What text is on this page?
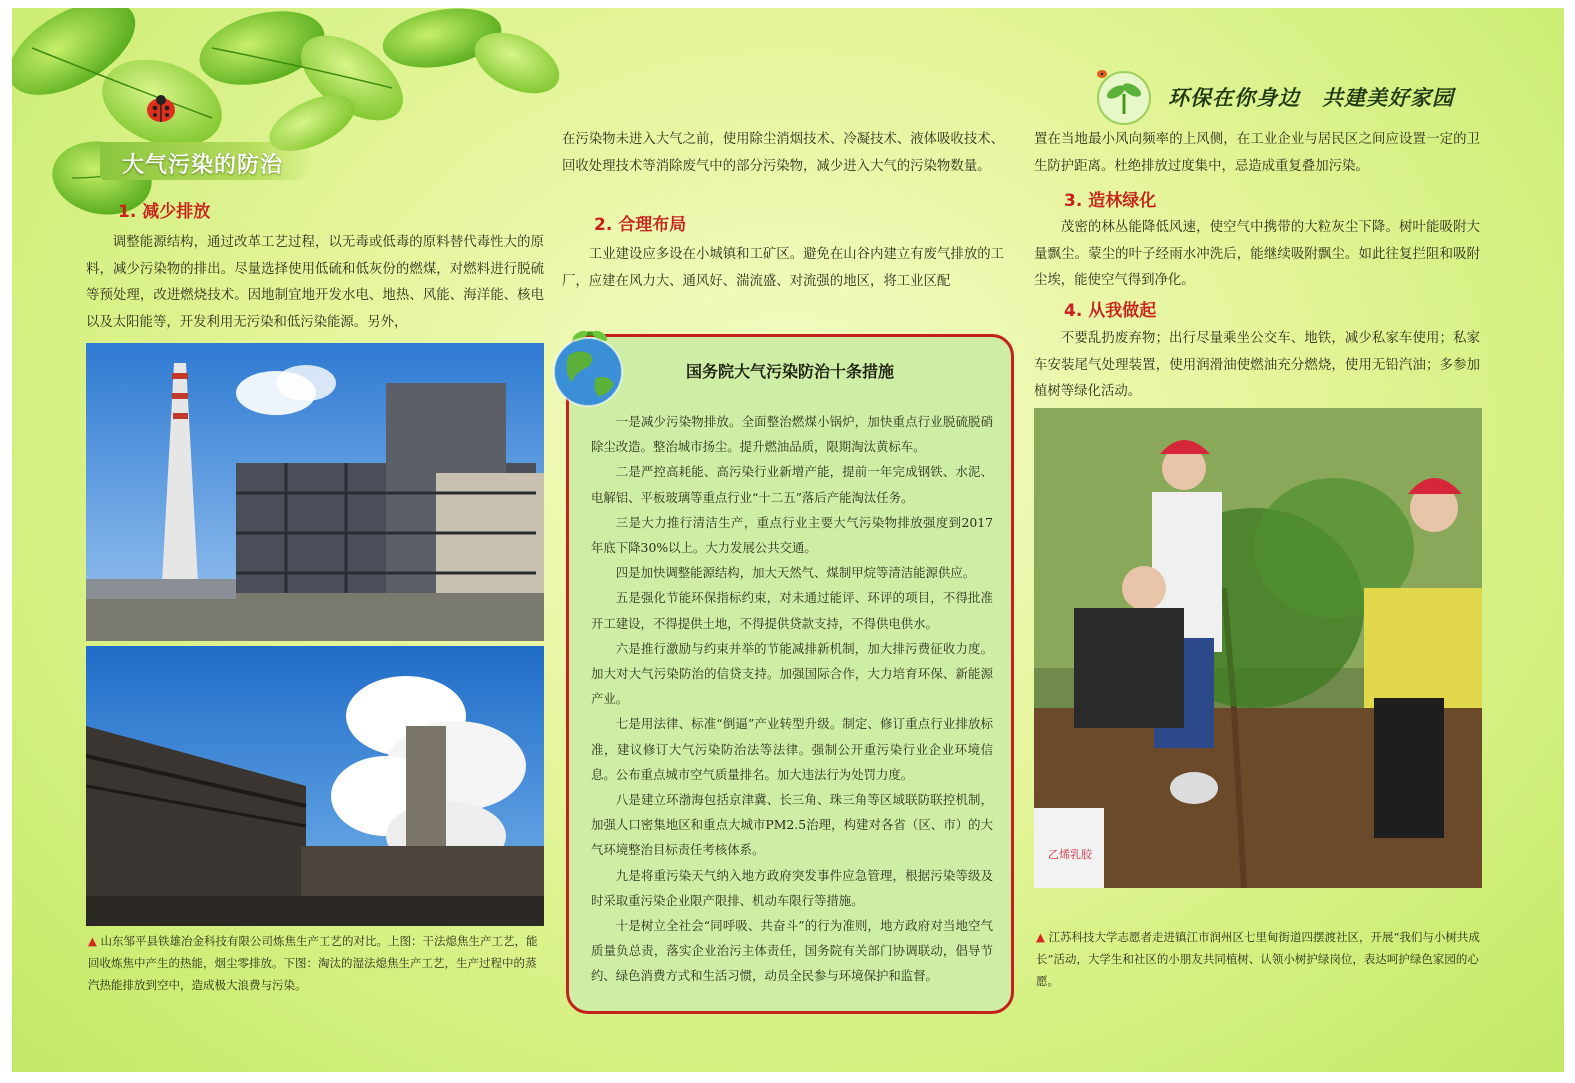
大气污染的防治
1. 减少排放

调整能源结构，通过改革工艺过程，以无毒或低毒的原料替代毒性大的原料，减少污染物的排出。尽量选择使用低硫和低灰份的燃煤，对燃料进行脱硫等预处理，改进燃烧技术。因地制宜地开发水电、地热、风能、海洋能、核电以及太阳能等，开发利用无污染和低污染能源。另外，

▲ 山东邹平县铁雄冶金科技有限公司炼焦生产工艺的对比。上图：干法熄焦生产工艺，能回收炼焦中产生的热能，烟尘零排放。下图：淘汰的湿法熄焦生产工艺，生产过程中的蒸汽热能排放到空中，造成极大浪费与污染。

在污染物未进入大气之前，使用除尘消烟技术、冷凝技术、液体吸收技术、回收处理技术等消除废气中的部分污染物，减少进入大气的污染物数量。

2. 合理布局

工业建设应多设在小城镇和工矿区。避免在山谷内建立有废气排放的工厂，应建在风力大、通风好、湍流盛、对流强的地区，将工业区配

国务院大气污染防治十条措施

一是减少污染物排放。全面整治燃煤小锅炉，加快重点行业脱硫脱硝除尘改造。整治城市扬尘。提升燃油品质，限期淘汰黄标车。

二是严控高耗能、高污染行业新增产能，提前一年完成钢铁、水泥、电解铝、平板玻璃等重点行业“十二五”落后产能淘汰任务。

三是大力推行清洁生产，重点行业主要大气污染物排放强度到2017年底下降30%以上。大力发展公共交通。

四是加快调整能源结构，加大天然气、煤制甲烷等清洁能源供应。

五是强化节能环保指标约束，对未通过能评、环评的项目，不得批准开工建设，不得提供土地，不得提供贷款支持，不得供电供水。

六是推行激励与约束并举的节能减排新机制，加大排污费征收力度。加大对大气污染防治的信贷支持。加强国际合作，大力培育环保、新能源产业。

七是用法律、标准“倒逼”产业转型升级。制定、修订重点行业排放标准，建议修订大气污染防治法等法律。强制公开重污染行业企业环境信息。公布重点城市空气质量排名。加大违法行为处罚力度。

八是建立环渤海包括京津冀、长三角、珠三角等区域联防联控机制，加强人口密集地区和重点大城市PM2.5治理，构建对各省（区、市）的大气环境整治目标责任考核体系。

九是将重污染天气纳入地方政府突发事件应急管理，根据污染等级及时采取重污染企业限产限排、机动车限行等措施。

十是树立全社会“同呼吸、共奋斗”的行为准则，地方政府对当地空气质量负总责，落实企业治污主体责任，国务院有关部门协调联动，倡导节约、绿色消费方式和生活习惯，动员全民参与环境保护和监督。

环保在你身边　共建美好家园

置在当地最小风向频率的上风侧，在工业企业与居民区之间应设置一定的卫生防护距离。杜绝排放过度集中，忌造成重复叠加污染。

3. 造林绿化

茂密的林丛能降低风速，使空气中携带的大粒灰尘下降。树叶能吸附大量飘尘。蒙尘的叶子经雨水冲洗后，能继续吸附飘尘。如此往复拦阻和吸附尘埃，能使空气得到净化。

4. 从我做起

不要乱扔废弃物；出行尽量乘坐公交车、地铁，减少私家车使用；私家车安装尾气处理装置，使用润滑油使燃油充分燃烧，使用无铅汽油；多参加植树等绿化活动。

乙烯乳胶

▲ 江苏科技大学志愿者走进镇江市润州区七里甸街道四摆渡社区，开展“我们与小树共成长”活动，大学生和社区的小朋友共同植树、认领小树护绿岗位，表达呵护绿色家园的心愿。
